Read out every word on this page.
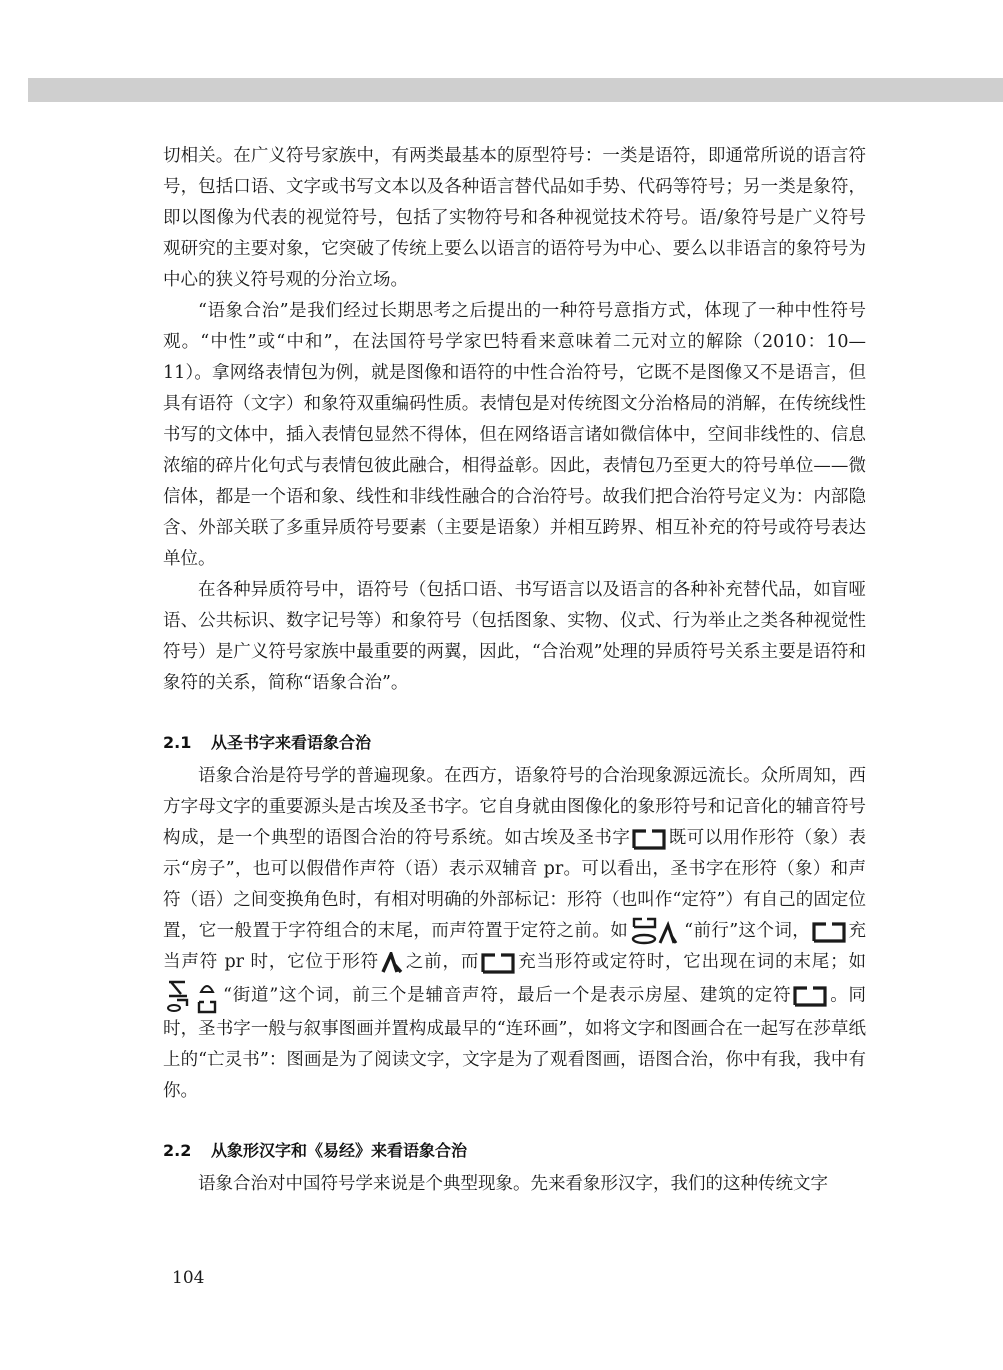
切相关。在广义符号家族中，有两类最基本的原型符号：一类是语符，即通常所说的语言符号，包括口语、文字或书写文本以及各种语言替代品如手势、代码等符号；另一类是象符，即以图像为代表的视觉符号，包括了实物符号和各种视觉技术符号。语/象符号是广义符号观研究的主要对象，它突破了传统上要么以语言的语符号为中心、要么以非语言的象符号为中心的狭义符号观的分治立场。

“语象合治”是我们经过长期思考之后提出的一种符号意指方式，体现了一种中性符号观。“中性”或“中和”，在法国符号学家巴特看来意味着二元对立的解除（2010：10—11）。拿网络表情包为例，就是图像和语符的中性合治符号，它既不是图像又不是语言，但具有语符（文字）和象符双重编码性质。表情包是对传统图文分治格局的消解，在传统线性书写的文体中，插入表情包显然不得体，但在网络语言诸如微信体中，空间非线性的、信息浓缩的碎片化句式与表情包彼此融合，相得益彰。因此，表情包乃至更大的符号单位——微信体，都是一个语和象、线性和非线性融合的合治符号。故我们把合治符号定义为：内部隐含、外部关联了多重异质符号要素（主要是语象）并相互跨界、相互补充的符号或符号表达单位。

在各种异质符号中，语符号（包括口语、书写语言以及语言的各种补充替代品，如盲哑语、公共标识、数字记号等）和象符号（包括图象、实物、仪式、行为举止之类各种视觉性符号）是广义符号家族中最重要的两翼，因此，“合治观”处理的异质符号关系主要是语符和象符的关系，简称“语象合治”。

2.1 从圣书字来看语象合治

语象合治是符号学的普遍现象。在西方，语象符号的合治现象源远流长。众所周知，西方字母文字的重要源头是古埃及圣书字。它自身就由图像化的象形符号和记音化的辅音符号构成，是一个典型的语图合治的符号系统。如古埃及圣书字 既可以用作形符（象）表示“房子”，也可以假借作声符（语）表示双辅音 pr。可以看出，圣书字在形符（象）和声符（语）之间变换角色时，有相对明确的外部标记：形符（也叫作“定符”）有自己的固定位置，它一般置于字符组合的末尾，而声符置于定符之前。如	“前行”这个词， 充当声符 pr 时，它位于形符 之前，而 充当形符或定符时，它出现在词的末尾；如
“街道”这个词，前三个是辅音声符，最后一个是表示房屋、建筑的定符 。同时，圣书字一般与叙事图画并置构成最早的“连环画”，如将文字和图画合在一起写在莎草纸上的“亡灵书”：图画是为了阅读文字，文字是为了观看图画，语图合治，你中有我，我中有你。

2.2 从象形汉字和《易经》来看语象合治

语象合治对中国符号学来说是个典型现象。先来看象形汉字，我们的这种传统文字

104
